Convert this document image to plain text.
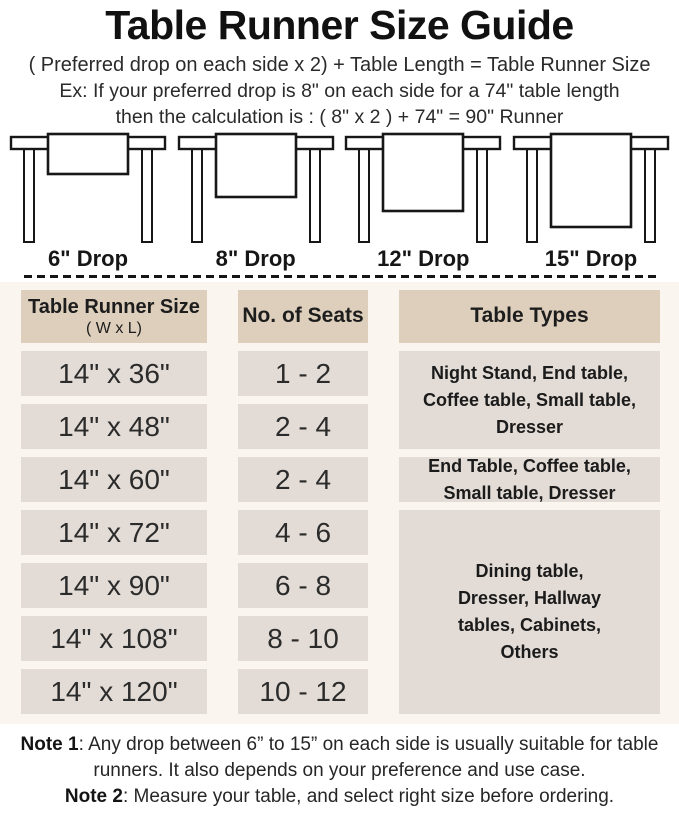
Table Runner Size Guide

( Preferred drop on each side x 2) + Table Length = Table Runner Size

Ex: If your preferred drop is 8" on each side for a 74" table length

then the calculation is : ( 8" x 2 ) + 74" = 90" Runner

6" Drop	8" Drop	12" Drop	15" Drop
Table Runner Size
( W x L)
No. of Seats	Table Types
14" x 36"	1 - 2	Night Stand, End table, Coffee table, Small table, Dresser
14" x 48"	2 - 4
14" x 60"	2 - 4	End Table, Coffee table, Small table, Dresser
14" x 72"	4 - 6
Dining table, Dresser, Hallway tables, Cabinets, Others
14" x 90"	6 - 8
14" x 108"	8 - 10
14" x 120"	10 - 12

Note 1: Any drop between 6” to 15” on each side is usually suitable for table runners. It also depends on your preference and use case.

Note 2: Measure your table, and select right size before ordering.
